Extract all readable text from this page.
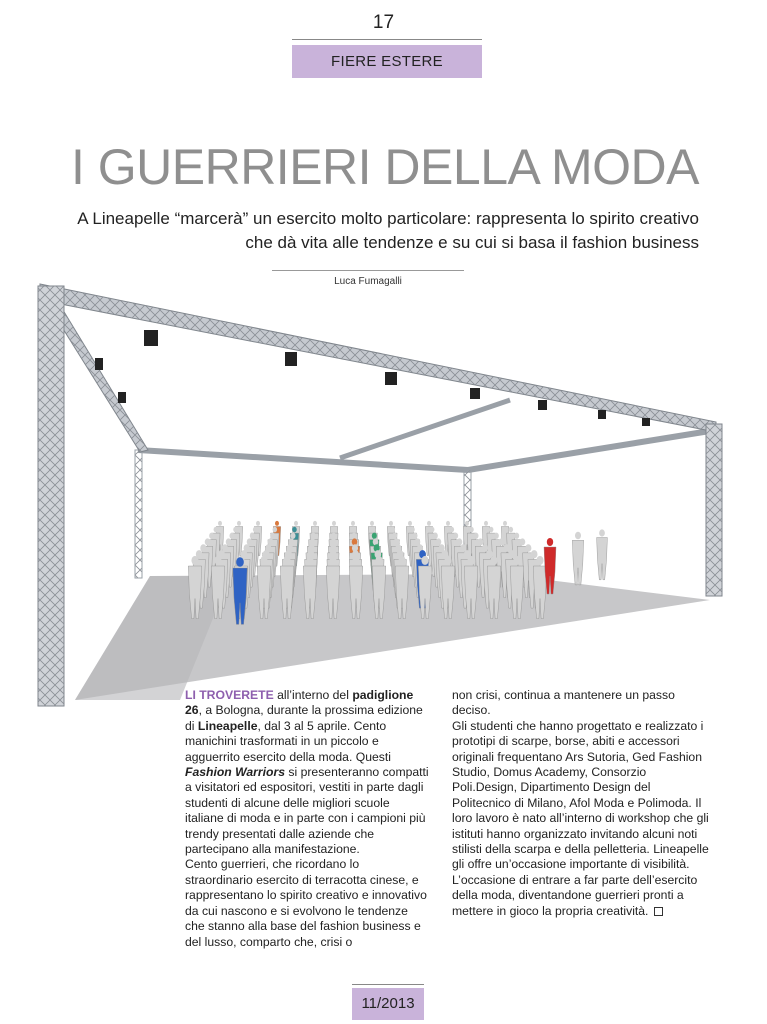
17
FIERE ESTERE
I GUERRIERI DELLA MODA
A Lineapelle “marcerà” un esercito molto particolare: rappresenta lo spirito creativo
che dà vita alle tendenze e su cui si basa il fashion business
Luca Fumagalli

LI TROVERETE all’interno del padiglione 26, a Bologna, durante la prossima edizione di Lineapelle, dal 3 al 5 aprile. Cento manichini trasformati in un piccolo e agguerrito esercito della moda. Questi Fashion Warriors si presenteranno compatti a visitatori ed espositori, vestiti in parte dagli studenti di alcune delle migliori scuole italiane di moda e in parte con i campioni più trendy presentati dalle aziende che partecipano alla manifestazione.

Cento guerrieri, che ricordano lo straordinario esercito di terracotta cinese, e rappresentano lo spirito creativo e innovativo da cui nascono e si evolvono le tendenze che stanno alla base del fashion business e del lusso, comparto che, crisi o

non crisi, continua a mantenere un passo deciso.

Gli studenti che hanno progettato e realizzato i prototipi di scarpe, borse, abiti e accessori originali frequentano Ars Sutoria, Ged Fashion Studio, Domus Academy, Consorzio Poli.Design, Dipartimento Design del Politecnico di Milano, Afol Moda e Polimoda. Il loro lavoro è nato all’interno di workshop che gli istituti hanno organizzato invitando alcuni noti stilisti della scarpa e della pelletteria. Lineapelle gli offre un’occasione importante di visibilità.

L’occasione di entrare a far parte dell’esercito della moda, diventandone guerrieri pronti a mettere in gioco la propria creatività.

11/2013
